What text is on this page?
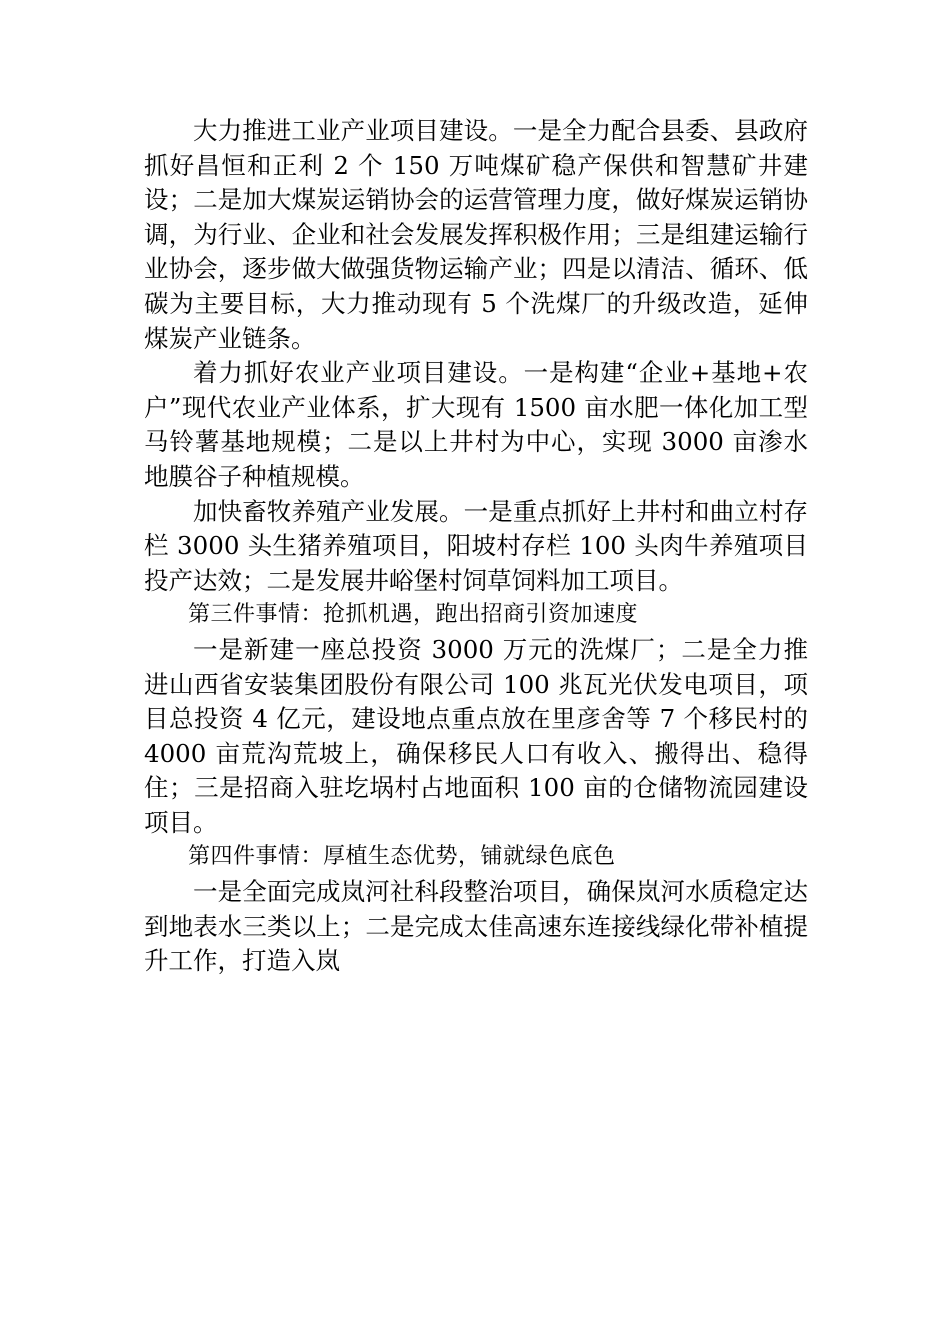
大力推进工业产业项目建设。一是全力配合县委、县政府抓好昌恒和正利 2 个 150 万吨煤矿稳产保供和智慧矿井建设；二是加大煤炭运销协会的运营管理力度，做好煤炭运销协调，为行业、企业和社会发展发挥积极作用；三是组建运输行业协会，逐步做大做强货物运输产业；四是以清洁、循环、低碳为主要目标，大力推动现有 5 个洗煤厂的升级改造，延伸煤炭产业链条。

着力抓好农业产业项目建设。一是构建“企业+基地+农户”现代农业产业体系，扩大现有 1500 亩水肥一体化加工型马铃薯基地规模；二是以上井村为中心，实现 3000 亩渗水地膜谷子种植规模。

加快畜牧养殖产业发展。一是重点抓好上井村和曲立村存栏 3000 头生猪养殖项目，阳坡村存栏 100 头肉牛养殖项目投产达效；二是发展井峪堡村饲草饲料加工项目。

第三件事情：抢抓机遇，跑出招商引资加速度

一是新建一座总投资 3000 万元的洗煤厂；二是全力推进山西省安装集团股份有限公司 100 兆瓦光伏发电项目，项目总投资 4 亿元，建设地点重点放在里彦舍等 7 个移民村的 4000 亩荒沟荒坡上，确保移民人口有收入、搬得出、稳得住；三是招商入驻圪埚村占地面积 100 亩的仓储物流园建设项目。

第四件事情：厚植生态优势，铺就绿色底色

一是全面完成岚河社科段整治项目，确保岚河水质稳定达到地表水三类以上；二是完成太佳高速东连接线绿化带补植提升工作，打造入岚
